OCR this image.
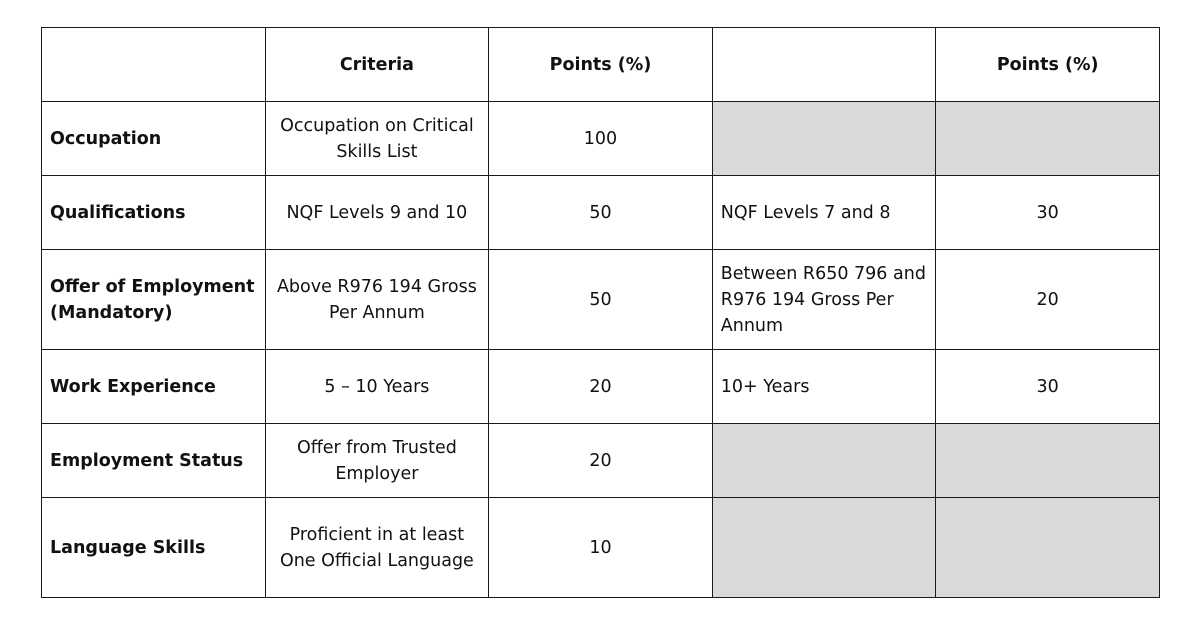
	Criteria	Points (%)		Points (%)
Occupation	Occupation on Critical Skills List	100		
Qualifications	NQF Levels 9 and 10	50	NQF Levels 7 and 8	30
Offer of Employment (Mandatory)	Above R976 194 Gross Per Annum	50	Between R650 796 and R976 194 Gross Per Annum	20
Work Experience	5 – 10 Years	20	10+ Years	30
Employment Status	Offer from Trusted Employer	20		
Language Skills	Proficient in at least One Official Language	10		
